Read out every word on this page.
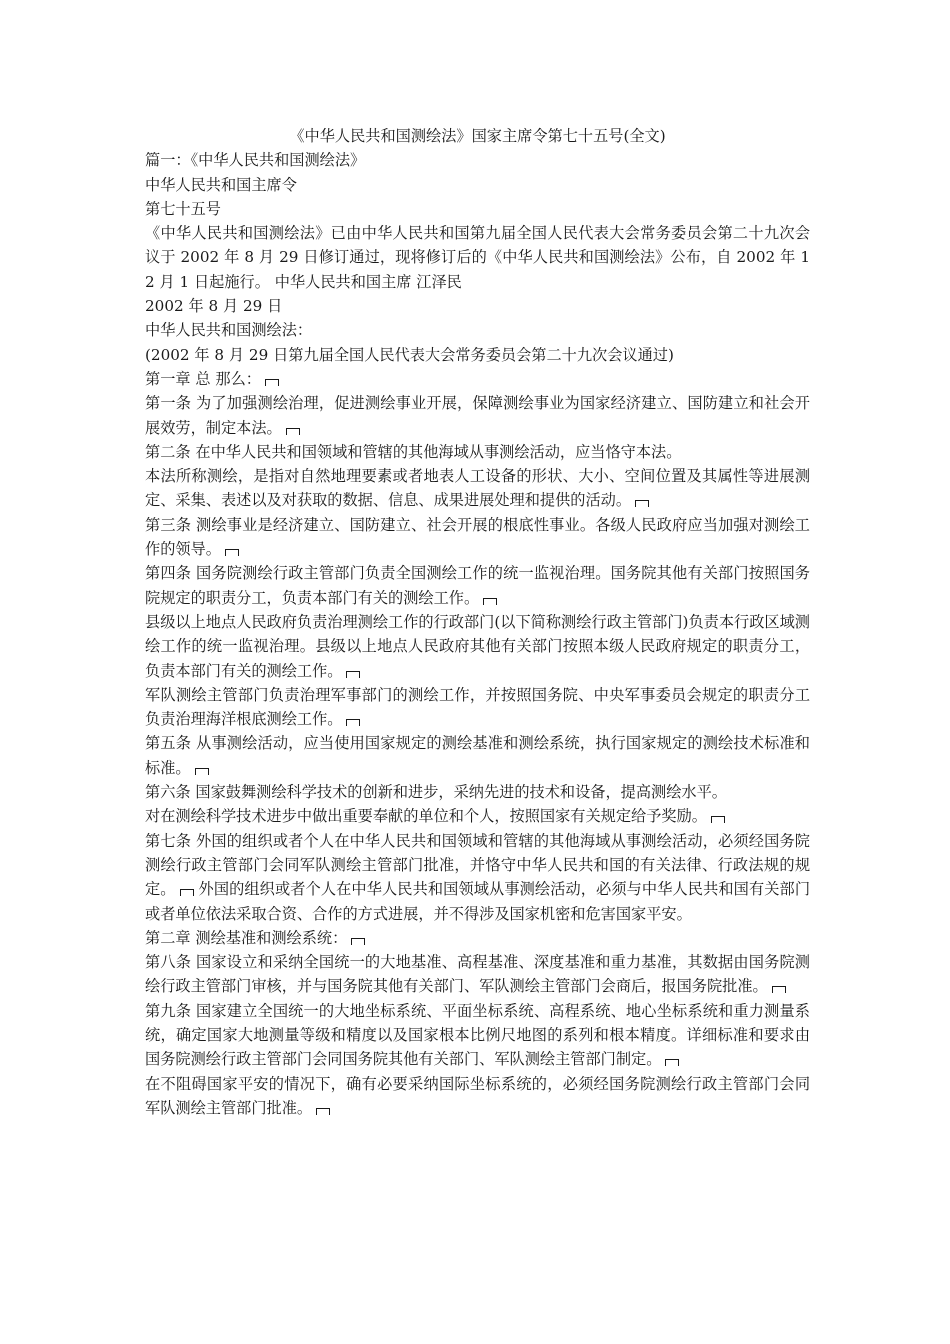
《中华人民共和国测绘法》国家主席令第七十五号(全文)

篇一：《中华人民共和国测绘法》

中华人民共和国主席令

第七十五号

《中华人民共和国测绘法》已由中华人民共和国第九届全国人民代表大会常务委员会第二十九次会议于 2002 年 8 月 29 日修订通过，现将修订后的《中华人民共和国测绘法》公布，自 2002 年 12 月 1 日起施行。 中华人民共和国主席 江泽民

2002 年 8 月 29 日

中华人民共和国测绘法：

(2002 年 8 月 29 日第九届全国人民代表大会常务委员会第二十九次会议通过)

第一章 总 那么：

第一条 为了加强测绘治理，促进测绘事业开展，保障测绘事业为国家经济建立、国防建立和社会开展效劳，制定本法。

第二条 在中华人民共和国领域和管辖的其他海域从事测绘活动，应当恪守本法。

本法所称测绘，是指对自然地理要素或者地表人工设备的形状、大小、空间位置及其属性等进展测定、采集、表述以及对获取的数据、信息、成果进展处理和提供的活动。

第三条 测绘事业是经济建立、国防建立、社会开展的根底性事业。各级人民政府应当加强对测绘工作的领导。

第四条 国务院测绘行政主管部门负责全国测绘工作的统一监视治理。国务院其他有关部门按照国务院规定的职责分工，负责本部门有关的测绘工作。

县级以上地点人民政府负责治理测绘工作的行政部门(以下简称测绘行政主管部门)负责本行政区域测绘工作的统一监视治理。县级以上地点人民政府其他有关部门按照本级人民政府规定的职责分工，负责本部门有关的测绘工作。

军队测绘主管部门负责治理军事部门的测绘工作，并按照国务院、中央军事委员会规定的职责分工负责治理海洋根底测绘工作。

第五条 从事测绘活动，应当使用国家规定的测绘基准和测绘系统，执行国家规定的测绘技术标准和标准。

第六条 国家鼓舞测绘科学技术的创新和进步，采纳先进的技术和设备，提高测绘水平。

对在测绘科学技术进步中做出重要奉献的单位和个人，按照国家有关规定给予奖励。

第七条 外国的组织或者个人在中华人民共和国领域和管辖的其他海域从事测绘活动，必须经国务院测绘行政主管部门会同军队测绘主管部门批准，并恪守中华人民共和国的有关法律、行政法规的规定。 外国的组织或者个人在中华人民共和国领域从事测绘活动，必须与中华人民共和国有关部门或者单位依法采取合资、合作的方式进展，并不得涉及国家机密和危害国家平安。

第二章 测绘基准和测绘系统：

第八条 国家设立和采纳全国统一的大地基准、高程基准、深度基准和重力基准，其数据由国务院测绘行政主管部门审核，并与国务院其他有关部门、军队测绘主管部门会商后，报国务院批准。

第九条 国家建立全国统一的大地坐标系统、平面坐标系统、高程系统、地心坐标系统和重力测量系统，确定国家大地测量等级和精度以及国家根本比例尺地图的系列和根本精度。详细标准和要求由国务院测绘行政主管部门会同国务院其他有关部门、军队测绘主管部门制定。

在不阻碍国家平安的情况下，确有必要采纳国际坐标系统的，必须经国务院测绘行政主管部门会同军队测绘主管部门批准。
